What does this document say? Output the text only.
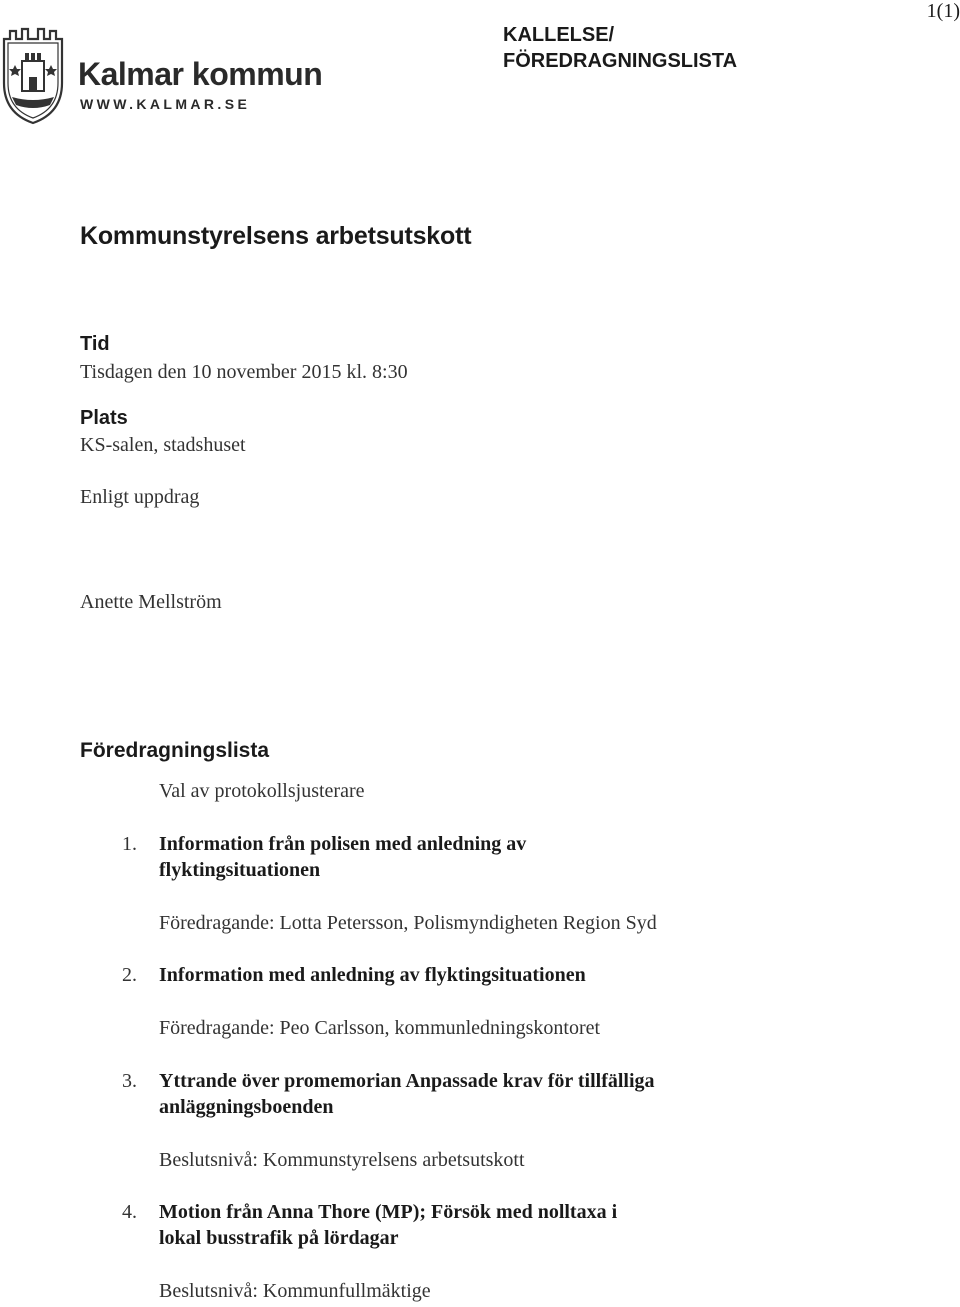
1(1)
KALLELSE/
FÖREDRAGNINGSLISTA
Kalmar kommun
WWW.KALMAR.SE
Kommunstyrelsens arbetsutskott
Tid
Tisdagen den 10 november 2015 kl. 8:30
Plats
KS-salen, stadshuset
Enligt uppdrag
Anette Mellström
Föredragningslista
Val av protokollsjusterare
1. Information från polisen med anledning av
flyktingsituationen
Föredragande: Lotta Petersson, Polismyndigheten Region Syd
2. Information med anledning av flyktingsituationen
Föredragande: Peo Carlsson, kommunledningskontoret
3. Yttrande över promemorian Anpassade krav för tillfälliga
anläggningsboenden
Beslutsnivå: Kommunstyrelsens arbetsutskott
4. Motion från Anna Thore (MP); Försök med nolltaxa i
lokal busstrafik på lördagar
Beslutsnivå: Kommunfullmäktige
